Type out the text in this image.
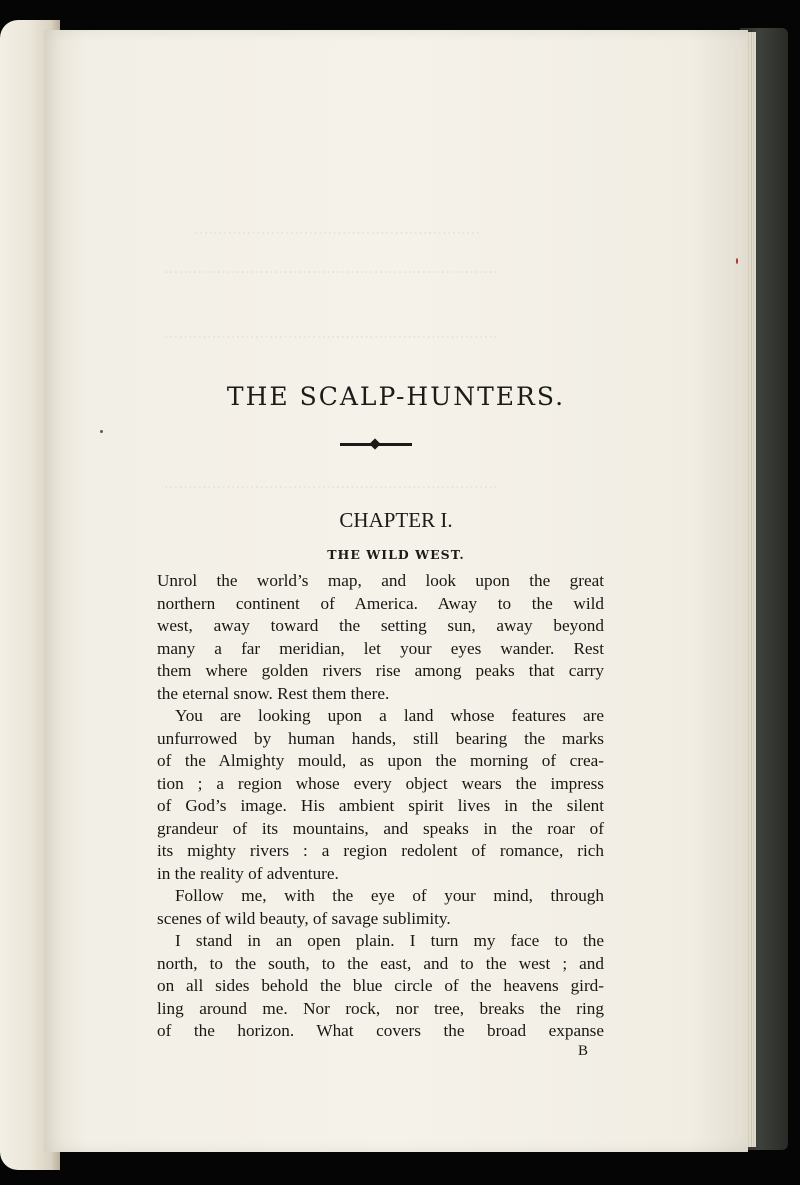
............................................................
......................................................................
......................................................................
......................................................................
THE SCALP-HUNTERS.
CHAPTER I.
THE WILD WEST.
Unrol the world’s map, and look upon the great
northern continent of America. Away to the wild
west, away toward the setting sun, away beyond
many a far meridian, let your eyes wander. Rest
them where golden rivers rise among peaks that carry
the eternal snow. Rest them there.
You are looking upon a land whose features are
unfurrowed by human hands, still bearing the marks
of the Almighty mould, as upon the morning of crea-
tion ; a region whose every object wears the impress
of God’s image. His ambient spirit lives in the silent
grandeur of its mountains, and speaks in the roar of
its mighty rivers : a region redolent of romance, rich
in the reality of adventure.
Follow me, with the eye of your mind, through
scenes of wild beauty, of savage sublimity.
I stand in an open plain. I turn my face to the
north, to the south, to the east, and to the west ; and
on all sides behold the blue circle of the heavens gird-
ling around me. Nor rock, nor tree, breaks the ring
of the horizon. What covers the broad expanse
B
